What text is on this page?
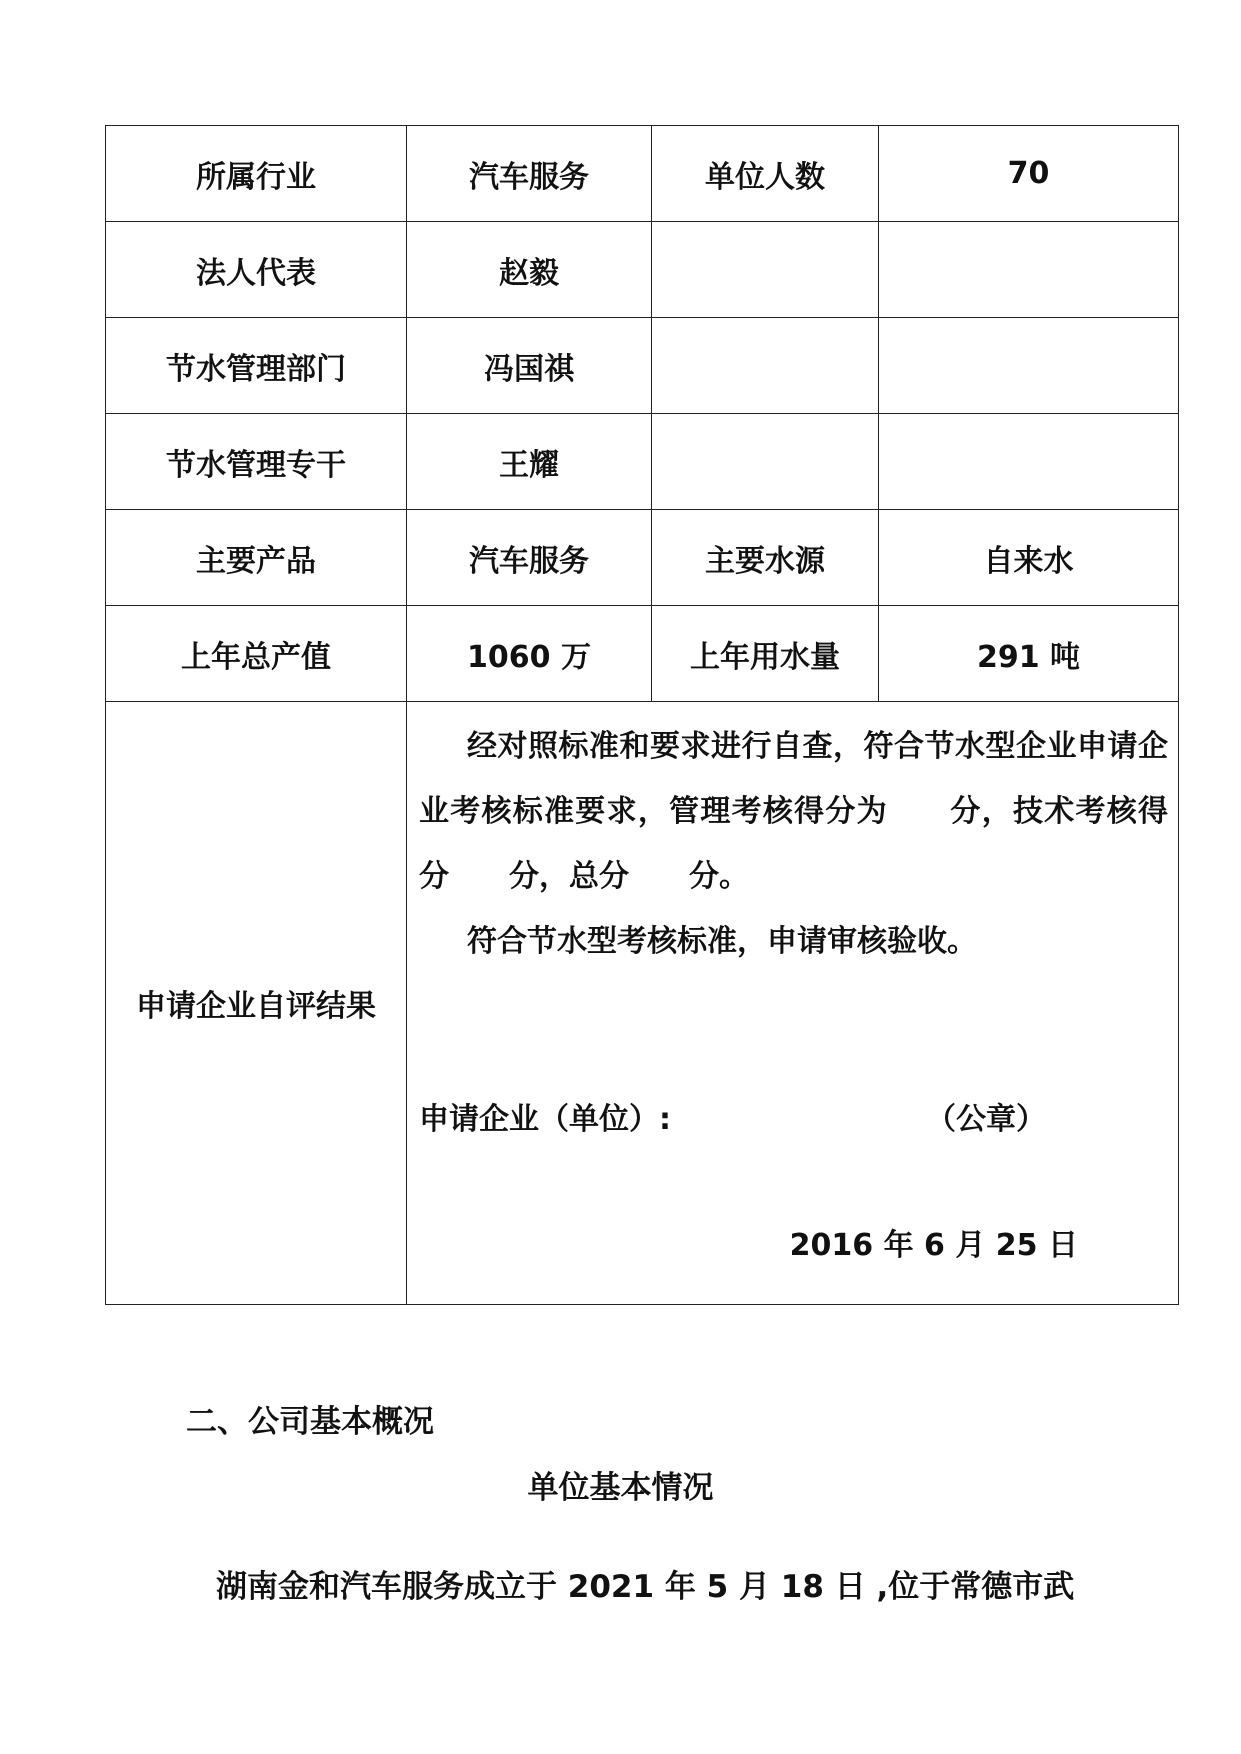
所属行业	汽车服务	单位人数	70
法人代表	赵毅		
节水管理部门	冯国祺		
节水管理专干	王耀		
主要产品	汽车服务	主要水源	自来水
上年总产值	1060 万	上年用水量	291 吨
申请企业自评结果	经对照标准和要求进行自查，符合节水型企业申请企业考核标准要求，管理考核得分为　　分，技术考核得分　　分，总分　　分。

符合节水型考核标准，申请审核验收。

申请企业（单位）:　　　　　　　　　（公章）
2016 年 6 月 25 日		
二、公司基本概况
单位基本情况
湖南金和汽车服务成立于 2021 年 5 月 18 日 ,位于常德市武
